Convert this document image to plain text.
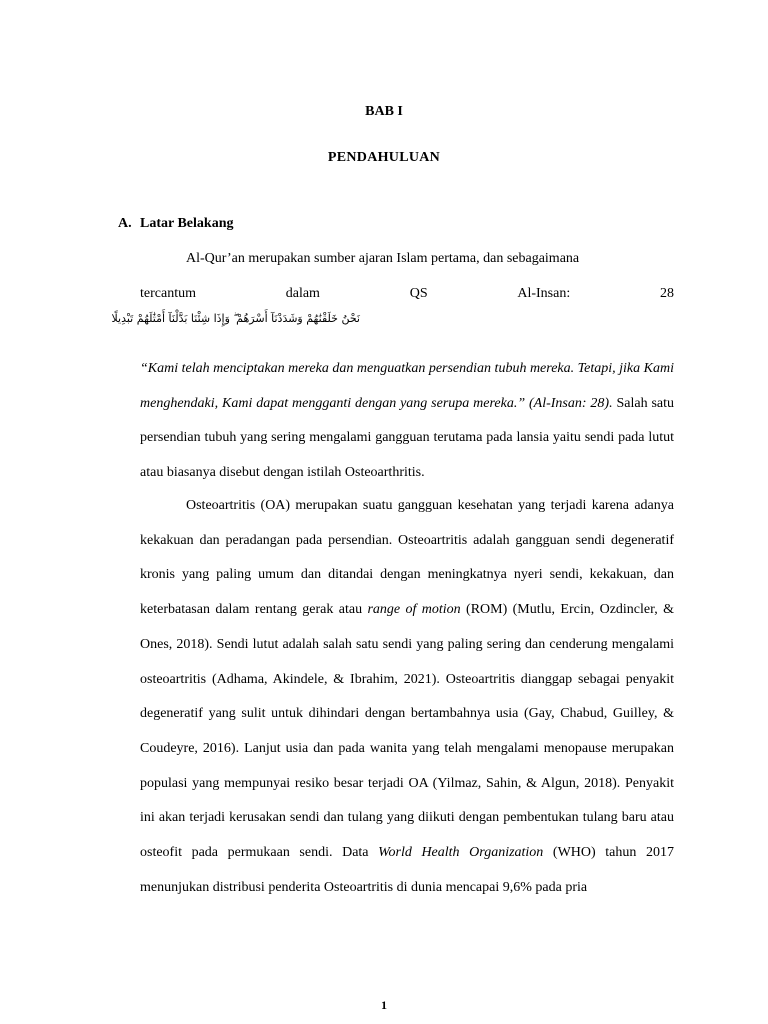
BAB I
PENDAHULUAN
A. Latar Belakang
Al-Qur’an merupakan sumber ajaran Islam pertama, dan sebagaimana
tercantum	dalam	QS	Al-Insan:	28
نَحْنُ خَلَقْنَٰهُمْ وَشَدَدْنَآ أَسْرَهُمْ ۖ وَإِذَا شِئْنَا بَدَّلْنَآ أَمْثَٰلَهُمْ تَبْدِيلًا
“Kami telah menciptakan mereka dan menguatkan persendian tubuh mereka. Tetapi, jika Kami menghendaki, Kami dapat mengganti dengan yang serupa mereka.” (Al-Insan: 28). Salah satu persendian tubuh yang sering mengalami gangguan terutama pada lansia yaitu sendi pada lutut atau biasanya disebut dengan istilah Osteoarthritis.
Osteoartritis (OA) merupakan suatu gangguan kesehatan yang terjadi karena adanya kekakuan dan peradangan pada persendian. Osteoartritis adalah gangguan sendi degeneratif kronis yang paling umum dan ditandai dengan meningkatnya nyeri sendi, kekakuan, dan keterbatasan dalam rentang gerak atau range of motion (ROM) (Mutlu, Ercin, Ozdincler, & Ones, 2018). Sendi lutut adalah salah satu sendi yang paling sering dan cenderung mengalami osteoartritis (Adhama, Akindele, & Ibrahim, 2021). Osteoartritis dianggap sebagai penyakit degeneratif yang sulit untuk dihindari dengan bertambahnya usia (Gay, Chabud, Guilley, & Coudeyre, 2016). Lanjut usia dan pada wanita yang telah mengalami menopause merupakan populasi yang mempunyai resiko besar terjadi OA (Yilmaz, Sahin, & Algun, 2018). Penyakit ini akan terjadi kerusakan sendi dan tulang yang diikuti dengan pembentukan tulang baru atau osteofit pada permukaan sendi. Data World Health Organization (WHO) tahun 2017 menunjukan distribusi penderita Osteoartritis di dunia mencapai 9,6% pada pria
1
